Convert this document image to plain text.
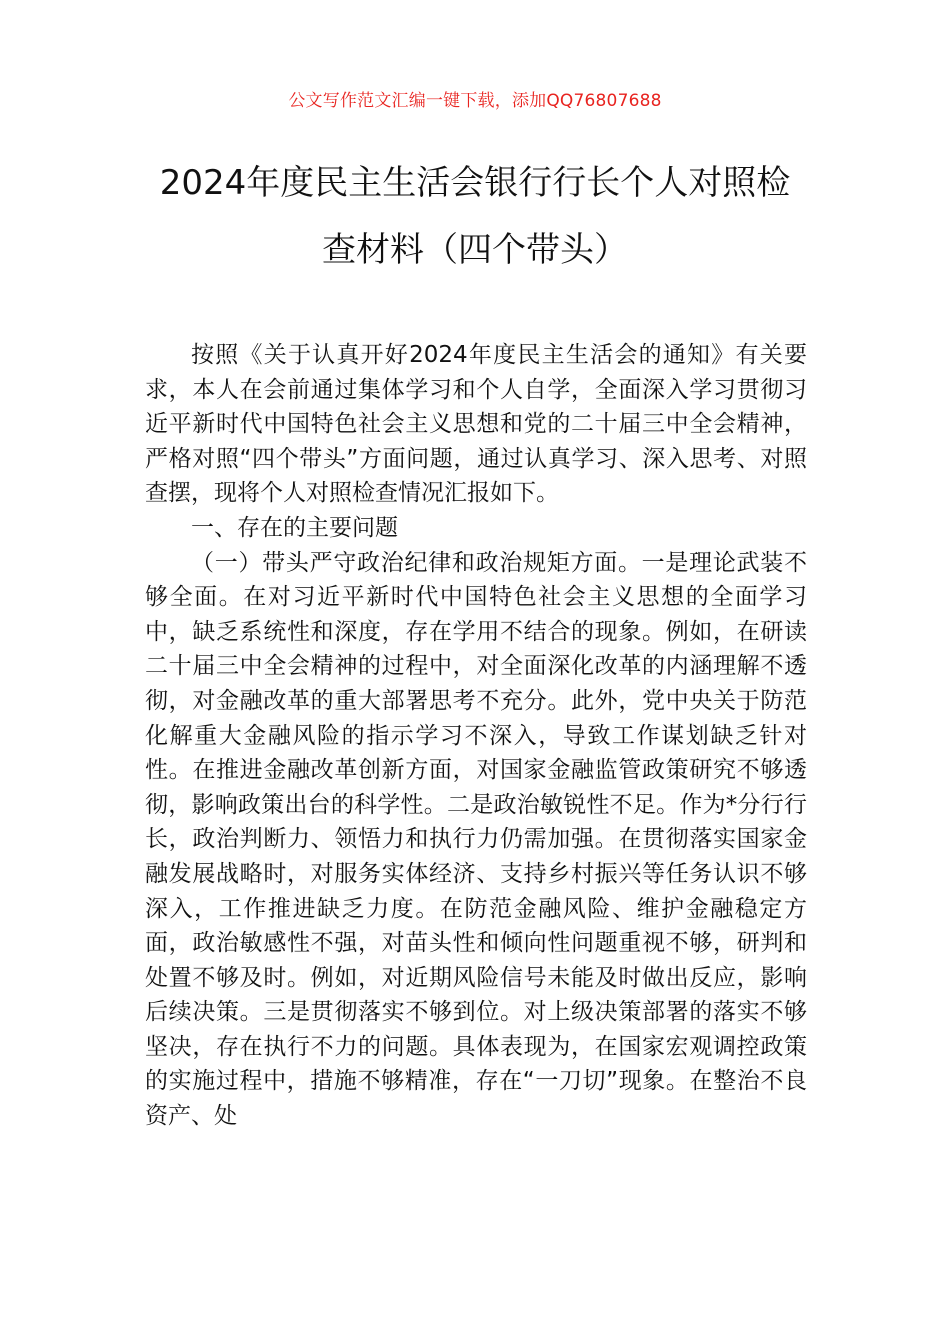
公文写作范文汇编一键下载，添加QQ76807688
2024年度民主生活会银行行长个人对照检
查材料（四个带头）

按照《关于认真开好2024年度民主生活会的通知》有关要求，本人在会前通过集体学习和个人自学，全面深入学习贯彻习近平新时代中国特色社会主义思想和党的二十届三中全会精神，严格对照“四个带头”方面问题，通过认真学习、深入思考、对照查摆，现将个人对照检查情况汇报如下。

一、存在的主要问题

（一）带头严守政治纪律和政治规矩方面。一是理论武装不够全面。在对习近平新时代中国特色社会主义思想的全面学习中，缺乏系统性和深度，存在学用不结合的现象。例如，在研读二十届三中全会精神的过程中，对全面深化改革的内涵理解不透彻，对金融改革的重大部署思考不充分。此外，党中央关于防范化解重大金融风险的指示学习不深入，导致工作谋划缺乏针对性。在推进金融改革创新方面，对国家金融监管政策研究不够透彻，影响政策出台的科学性。二是政治敏锐性不足。作为*分行行长，政治判断力、领悟力和执行力仍需加强。在贯彻落实国家金融发展战略时，对服务实体经济、支持乡村振兴等任务认识不够深入，工作推进缺乏力度。在防范金融风险、维护金融稳定方面，政治敏感性不强，对苗头性和倾向性问题重视不够，研判和处置不够及时。例如，对近期风险信号未能及时做出反应，影响后续决策。三是贯彻落实不够到位。对上级决策部署的落实不够坚决，存在执行不力的问题。具体表现为，在国家宏观调控政策的实施过程中，措施不够精准，存在“一刀切”现象。在整治不良资产、处
